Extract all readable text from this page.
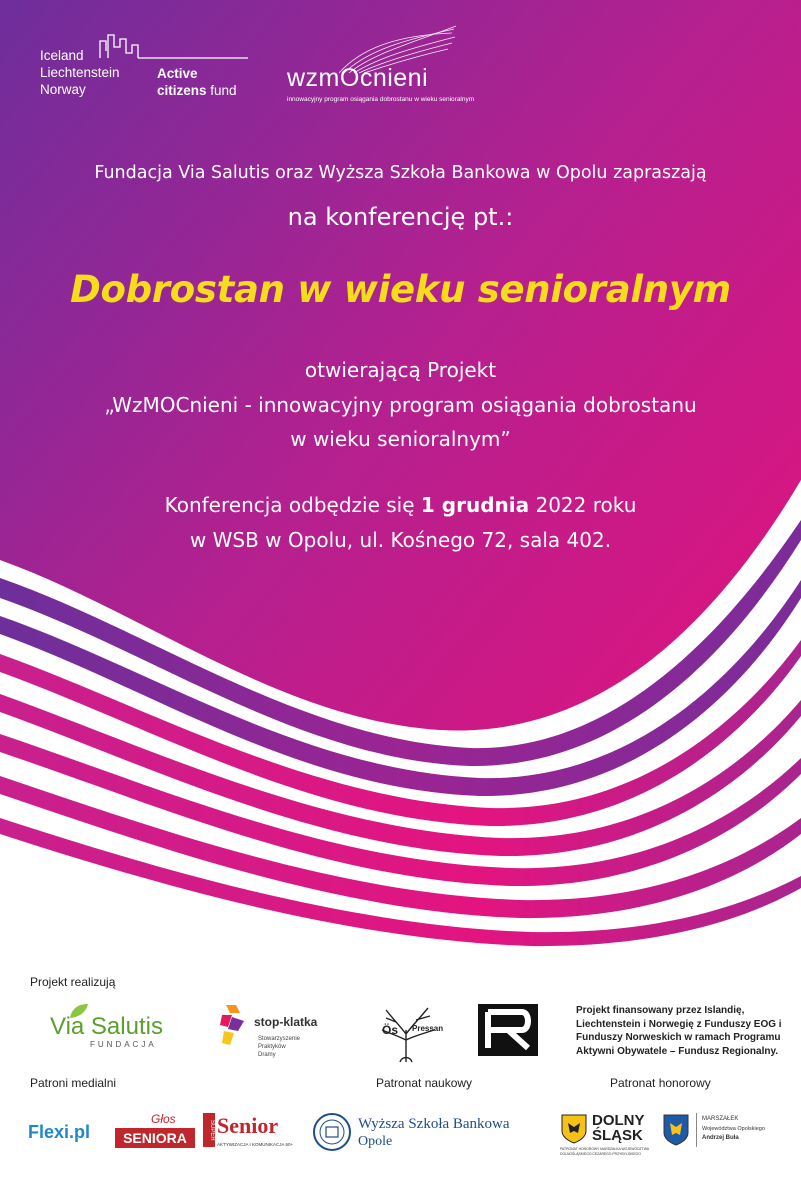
Iceland
Liechtenstein
Norway
Active
citizens fund wzmOcnieni
innowacyjny program osiągania dobrostanu w wieku senioralnym
Fundacja Via Salutis oraz Wyższa Szkoła Bankowa w Opolu zapraszają
na konferencję pt.:
Dobrostan w wieku senioralnym
otwierającą Projekt
„WzMOCnieni - innowacyjny program osiągania dobrostanu
w wieku senioralnym”
Konferencja odbędzie się 1 grudnia 2022 roku
w WSB w Opolu, ul. Kośnego 72, sala 402.
Projekt realizują
Via Salutis
FUNDACJA
stop-klatka
Stowarzyszenie
Praktyków
Dramy
Ös Pressan
Projekt finansowany przez Islandię, Liechtenstein i Norwegię z Funduszy EOG i Funduszy Norweskich w ramach Programu Aktywni Obywatele – Fundusz Regionalny.
Patroni medialni	Patronat naukowy	Patronat honorowy
Flexi.pl
Głos
SENIORA	SUPER Senior
AKTYWIZACJA I KOMUNIKACJA 60+
Wyższa Szkoła Bankowa
Opole
DOLNY
ŚLĄSK
PATRONAT HONOROWY MARSZAŁKA WOJEWÓDZTWA DOLNOŚLĄSKIEGO CEZAREGO PRZYBYLSKIEGO
MARSZAŁEK
Województwa Opolskiego
Andrzej Buła
